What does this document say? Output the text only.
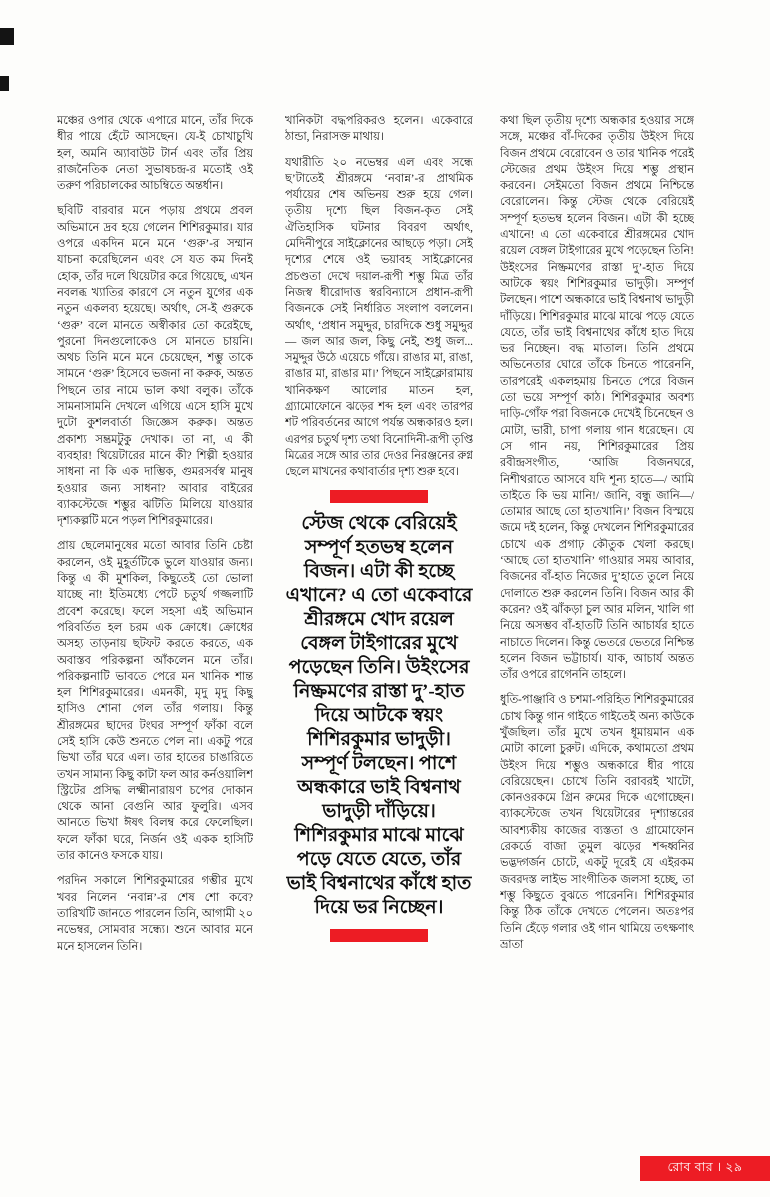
মঞ্চের ওপার থেকে এপারে মানে, তাঁর দিকে ধীর পায়ে হেঁটে আসছেন। যে-ই চোখাচুখি হল, অমনি অ্যাবাউট টার্ন এবং তাঁর প্রিয় রাজনৈতিক নেতা সুভাষচন্দ্র-র মতোই ওই তরুণ পরিচালকের আচম্বিতে অন্তর্ধান।

ছবিটি বারবার মনে পড়ায় প্রথমে প্রবল অভিমানে দ্রব হয়ে গেলেন শিশিরকুমার। যার ওপরে একদিন মনে মনে ‘গুরু’-র সম্মান যাচনা করেছিলেন এবং সে যত কম দিনই হোক, তাঁর দলে থিয়েটার করে গিয়েছে, এখন নবলব্ধ খ্যাতির কারণে সে নতুন যুগের এক নতুন একলব্য হয়েছে। অর্থাৎ, সে-ই গুরুকে ‘গুরু’ বলে মানতে অস্বীকার তো করেইছে, পুরনো দিনগুলোকেও সে মানতে চায়নি। অথচ তিনি মনে মনে চেয়েছেন, শম্ভু তাকে সামনে ‘গুরু’ হিসেবে ভজনা না করুক, অন্তত পিছনে তার নামে ভাল কথা বলুক। তাঁকে সামনাসামনি দেখলে এগিয়ে এসে হাসি মুখে দুটো কুশলবার্তা জিজ্ঞেস করুক। অন্তত প্রকাশ্য সম্ভ্রমটুকু দেখাক। তা না, এ কী ব্যবহার! থিয়েটারের মানে কী? শিল্পী হওয়ার সাধনা না কি এক দাম্ভিক, গুমরসর্বস্ব মানুষ হওয়ার জন্য সাধনা? আবার বাইরের ব্যাকস্টেজে শম্ভুর ঝটিতি মিলিয়ে যাওয়ার দৃশ্যকল্পটি মনে পড়ল শিশিরকুমারের।

প্রায় ছেলেমানুষের মতো আবার তিনি চেষ্টা করলেন, ওই মুহূর্তটিকে ভুলে যাওয়ার জন্য। কিন্তু এ কী মুশকিল, কিছুতেই তো ভোলা যাচ্ছে না! ইতিমধ্যে পেটে চতুর্থ গজ্জলাটি প্রবেশ করেছে। ফলে সহসা এই অভিমান পরিবর্তিত হল চরম এক ক্রোধে। ক্রোধের অসহ্য তাড়নায় ছটফট করতে করতে, এক অবাস্তব পরিকল্পনা আঁকলেন মনে তাঁর। পরিকল্পনাটি ভাবতে পেরে মন খানিক শান্ত হল শিশিরকুমারের। এমনকী, মৃদু মৃদু কিছু হাসিও শোনা গেল তাঁর গলায়। কিন্তু শ্রীরঙ্গমের ছাদের টংঘর সম্পূর্ণ ফাঁকা বলে সেই হাসি কেউ শুনতে পেল না। একটু পরে ভিখা তাঁর ঘরে এল। তার হাতের চাঙারিতে তখন সামান্য কিছু কাটা ফল আর কর্নওয়ালিশ স্ট্রিটের প্রসিদ্ধ লক্ষ্মীনারায়ণ চপের দোকান থেকে আনা বেগুনি আর ফুলুরি। এসব আনতে ভিখা ঈষৎ বিলম্ব করে ফেলেছিল। ফলে ফাঁকা ঘরে, নির্জন ওই একক হাসিটি তার কানেও ফসকে যায়।

পরদিন সকালে শিশিরকুমারের গম্ভীর মুখে খবর নিলেন ‘নবান্ন’-র শেষ শো কবে? তারিখটি জানতে পারলেন তিনি, আগামী ২০ নভেম্বর, সোমবার সন্ধ্যে। শুনে আবার মনে মনে হাসলেন তিনি।

খানিকটা বদ্ধপরিকরও হলেন। একেবারে ঠান্ডা, নিরাসক্ত মাথায়।

যথারীতি ২০ নভেম্বর এল এবং সন্ধে ছ’টাতেই শ্রীরঙ্গমে ‘নবান্ন’-র প্রাথমিক পর্যায়ের শেষ অভিনয় শুরু হয়ে গেল। তৃতীয় দৃশ্যে ছিল বিজন-কৃত সেই ঐতিহাসিক ঘটনার বিবরণ অর্থাৎ, মেদিনীপুরে সাইক্লোনের আছড়ে পড়া। সেই দৃশ্যের শেষে ওই ভয়াবহ সাইক্লোনের প্রচণ্ডতা দেখে দয়াল-রূপী শম্ভু মিত্র তাঁর নিজস্ব ধীরোদাত্ত স্বরবিন্যাসে প্রধান-রূপী বিজনকে সেই নির্ধারিত সংলাপ বললেন। অর্থাৎ, ‘প্রধান সমুদ্দুর, চারদিকে শুধু সমুদ্দুর— জল আর জল, কিছু নেই, শুধু জল... সমুদ্দুর উঠে এয়েচে গাঁয়ে। রাঙার মা, রাঙা, রাঙার মা, রাঙার মা।’ পিছনে সাইক্লোরামায় খানিকক্ষণ আলোর মাতন হল, গ্র্যামোফোনে ঝড়ের শব্দ হল এবং তারপর শট পরিবর্তনের আগে পর্যন্ত অন্ধকারও হল। এরপর চতুর্থ দৃশ্য তথা বিনোদিনী-রূপী তৃপ্তি মিত্রের সঙ্গে আর তার দেওর নিরঞ্জনের রুগ্ন ছেলে মাখনের কথাবার্তার দৃশ্য শুরু হবে।

স্টেজ থেকে বেরিয়েই সম্পূর্ণ হতভম্ব হলেন বিজন। এটা কী হচ্ছে এখানে? এ তো একেবারে শ্রীরঙ্গমে খোদ রয়েল বেঙ্গল টাইগারের মুখে পড়েছেন তিনি। উইংসের নিষ্ক্রমণের রাস্তা দু’-হাত দিয়ে আটকে স্বয়ং শিশিরকুমার ভাদুড়ী। সম্পূর্ণ টলছেন। পাশে অন্ধকারে ভাই বিশ্বনাথ ভাদুড়ী দাঁড়িয়ে। শিশিরকুমার মাঝে মাঝে পড়ে যেতে যেতে, তাঁর ভাই বিশ্বনাথের কাঁধে হাত দিয়ে ভর নিচ্ছেন।

কথা ছিল তৃতীয় দৃশ্যে অন্ধকার হওয়ার সঙ্গে সঙ্গে, মঞ্চের বাঁ-দিকের তৃতীয় উইংস দিয়ে বিজন প্রথমে বেরোবেন ও তার খানিক পরেই স্টেজের প্রথম উইংস দিয়ে শম্ভু প্রস্থান করবেন। সেইমতো বিজন প্রথমে নিশ্চিন্তে বেরোলেন। কিন্তু স্টেজ থেকে বেরিয়েই সম্পূর্ণ হতভম্ব হলেন বিজন। এটা কী হচ্ছে এখানে! এ তো একেবারে শ্রীরঙ্গমের খোদ রয়েল বেঙ্গল টাইগারের মুখে পড়েছেন তিনি! উইংসের নিষ্ক্রমণের রাস্তা দু’-হাত দিয়ে আটকে স্বয়ং শিশিরকুমার ভাদুড়ী। সম্পূর্ণ টলছেন। পাশে অন্ধকারে ভাই বিশ্বনাথ ভাদুড়ী দাঁড়িয়ে। শিশিরকুমার মাঝে মাঝে পড়ে যেতে যেতে, তাঁর ভাই বিশ্বনাথের কাঁধে হাত দিয়ে ভর নিচ্ছেন। বদ্ধ মাতাল। তিনি প্রথমে অভিনেতার ঘোরে তাঁকে চিনতে পারেননি, তারপরেই একলহমায় চিনতে পেরে বিজন তো ভয়ে সম্পূর্ণ কাঠ। শিশিরকুমার অবশ্য দাড়ি-গোঁফ পরা বিজনকে দেখেই চিনেছেন ও মোটা, ভারী, চাপা গলায় গান ধরেছেন। যে সে গান নয়, শিশিরকুমারের প্রিয় রবীন্দ্রসংগীত, ‘আজি বিজনঘরে, নিশীথরাতে আসবে যদি শূন্য হাতে—/ আমি তাইতে কি ভয় মানি!/ জানি, বন্ধু জানি—/ তোমার আছে তো হাতখানি।’ বিজন বিস্ময়ে জমে দই হলেন, কিন্তু দেখলেন শিশিরকুমারের চোখে এক প্রগাঢ় কৌতুক খেলা করছে। ‘আছে তো হাতখানি’ গাওয়ার সময় আবার, বিজনের বাঁ-হাত নিজের দু’হাতে তুলে নিয়ে দোলাতে শুরু করলেন তিনি। বিজন আর কী করেন? ওই ঝাঁকড়া চুল আর মলিন, খালি গা নিয়ে অসম্ভব বাঁ-হাতটি তিনি আচার্যর হাতে নাচাতে দিলেন। কিন্তু ভেতরে ভেতরে নিশ্চিন্ত হলেন বিজন ভট্টাচার্য। যাক, আচার্য অন্তত তাঁর ওপরে রাগেননি তাহলে।

ধুতি-পাঞ্জাবি ও চশমা-পরিহিত শিশিরকুমারের চোখ কিন্তু গান গাইতে গাইতেই অন্য কাউকে খুঁজছিল। তাঁর মুখে তখন ধূমায়মান এক মোটা কালো চুরুট। এদিকে, কথামতো প্রথম উইংস দিয়ে শম্ভুও অন্ধকারে ধীর পায়ে বেরিয়েছেন। চোখে তিনি বরাবরই খাটো, কোনওরকমে গ্রিন রুমের দিকে এগোচ্ছেন। ব্যাকস্টেজে তখন থিয়েটারের দৃশ্যান্তরের আবশ্যকীয় কাজের ব্যস্ততা ও গ্রামোফোন রেকর্ডে বাজা তুমুল ঝড়ের শব্দধ্বনির ভদ্ভদ্গর্জন চোটে, একটু দূরেই যে এইরকম জবরদস্ত লাইভ সাংগীতিক জলসা হচ্ছে, তা শম্ভু কিছুতে বুঝতে পারেননি। শিশিরকুমার কিন্তু ঠিক তাঁকে দেখতে পেলেন। অতঃপর তিনি হেঁড়ে গলার ওই গান থামিয়ে তৎক্ষণাৎ ভ্রাতা

রোব বার । ২৯
